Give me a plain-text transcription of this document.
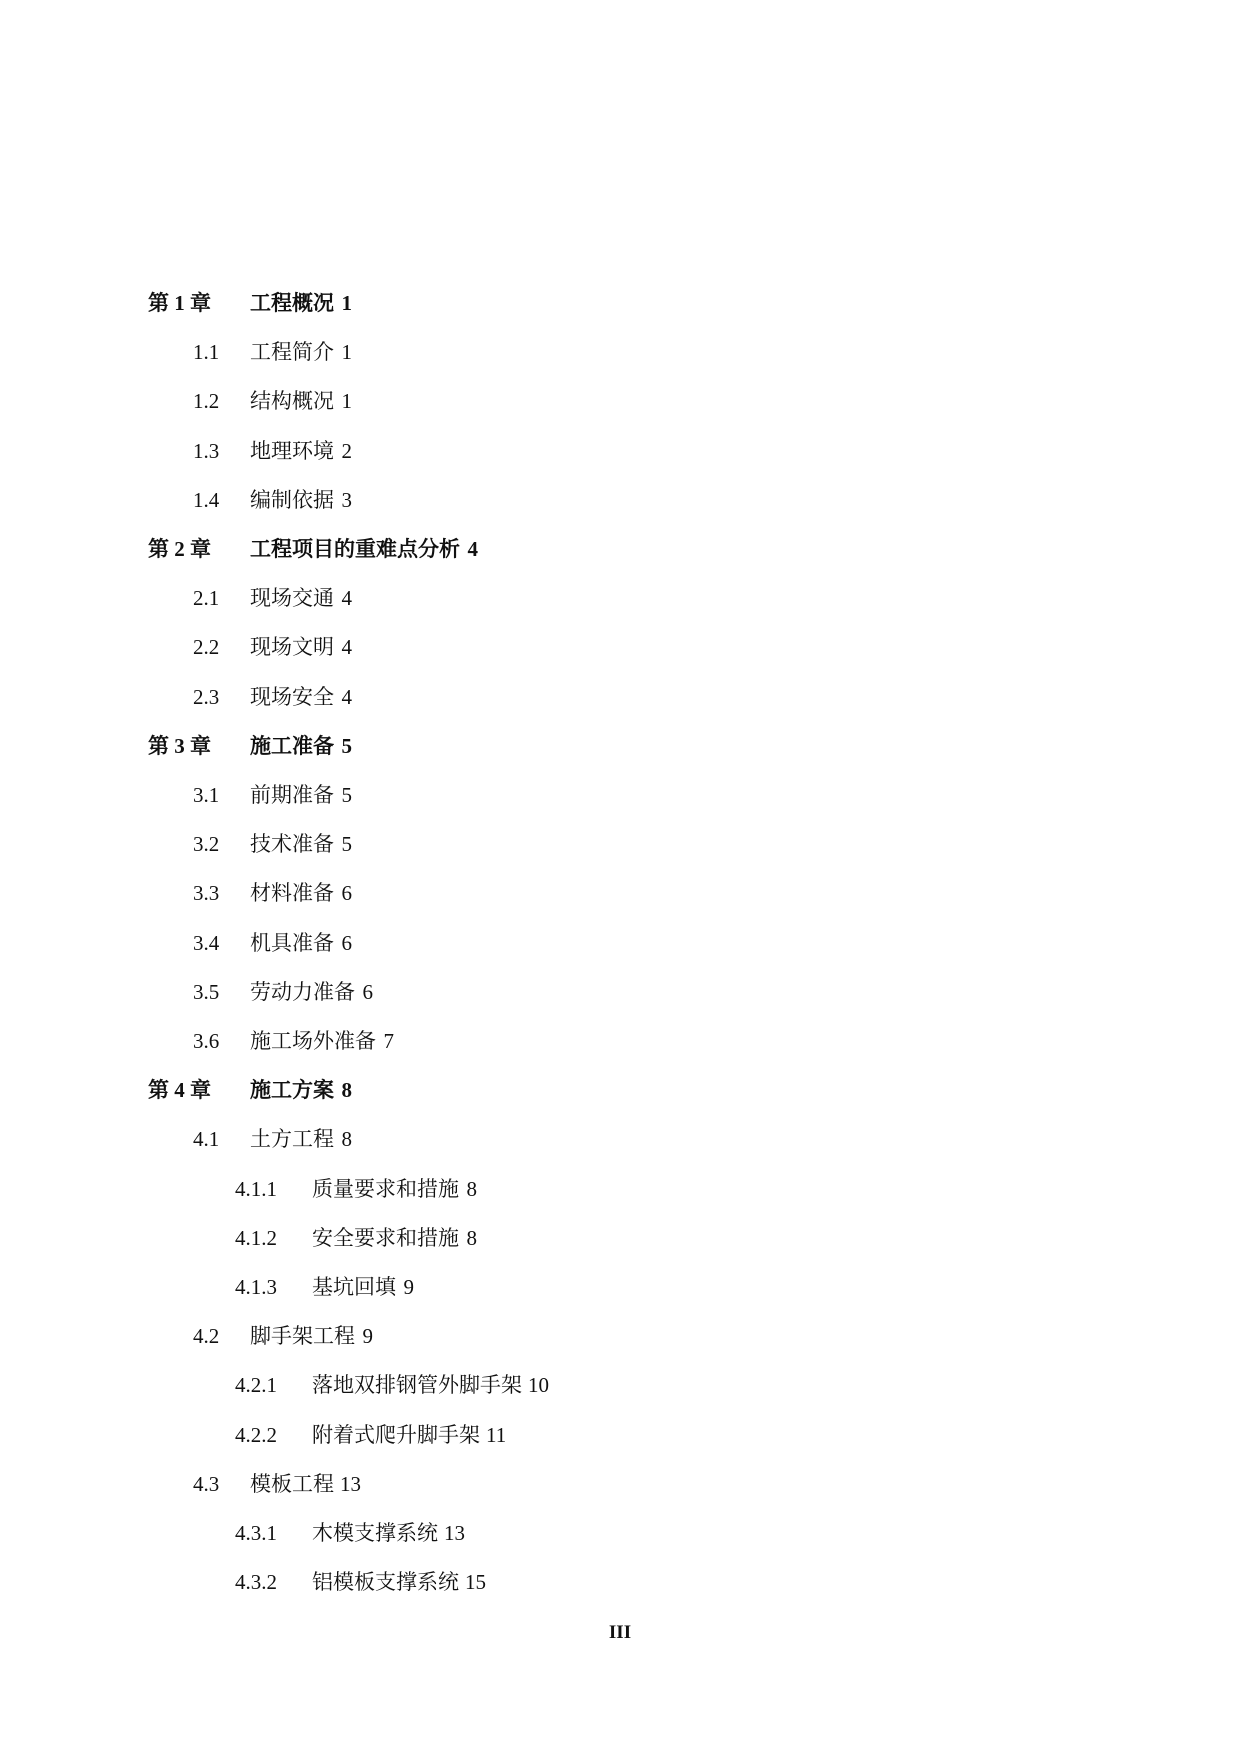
第 1 章 工程概况 1
1.1 工程简介 1
1.2 结构概况 1
1.3 地理环境 2
1.4 编制依据 3
第 2 章 工程项目的重难点分析 4
2.1 现场交通 4
2.2 现场文明 4
2.3 现场安全 4
第 3 章 施工准备 5
3.1 前期准备 5
3.2 技术准备 5
3.3 材料准备 6
3.4 机具准备 6
3.5 劳动力准备 6
3.6 施工场外准备 7
第 4 章 施工方案 8
4.1 土方工程 8
4.1.1 质量要求和措施 8
4.1.2 安全要求和措施 8
4.1.3 基坑回填 9
4.2 脚手架工程 9
4.2.1 落地双排钢管外脚手架 10
4.2.2 附着式爬升脚手架 11
4.3 模板工程 13
4.3.1 木模支撑系统 13
4.3.2 铝模板支撑系统 15
III
